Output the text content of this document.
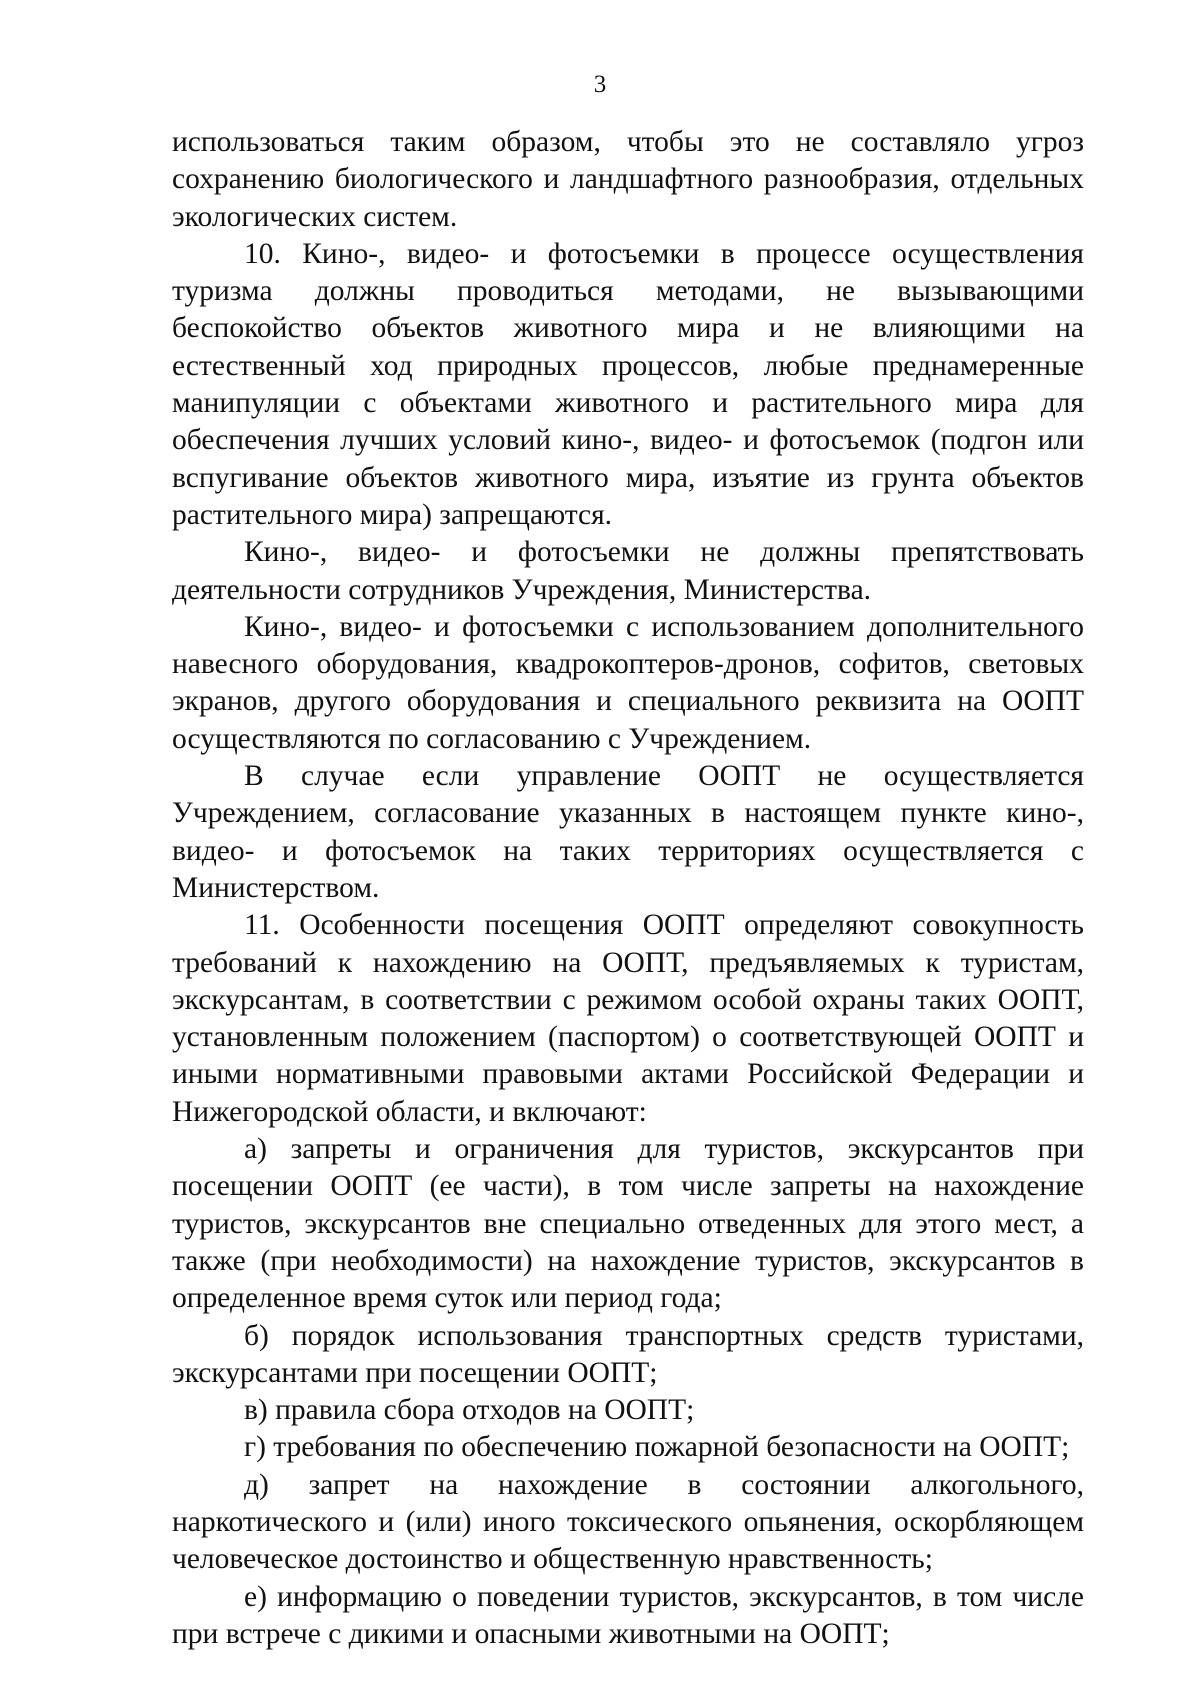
3

использоваться таким образом, чтобы это не составляло угроз сохранению биологического и ландшафтного разнообразия, отдельных экологических систем.

10. Кино-, видео- и фотосъемки в процессе осуществления туризма должны проводиться методами, не вызывающими беспокойство объектов животного мира и не влияющими на естественный ход природных процессов, любые преднамеренные манипуляции с объектами животного и растительного мира для обеспечения лучших условий кино-, видео- и фотосъемок (подгон или вспугивание объектов животного мира, изъятие из грунта объектов растительного мира) запрещаются.

Кино-, видео- и фотосъемки не должны препятствовать деятельности сотрудников Учреждения, Министерства.

Кино-, видео- и фотосъемки с использованием дополнительного навесного оборудования, квадрокоптеров-дронов, софитов, световых экранов, другого оборудования и специального реквизита на ООПТ осуществляются по согласованию с Учреждением.

В случае если управление ООПТ не осуществляется Учреждением, согласование указанных в настоящем пункте кино-, видео- и фотосъемок на таких территориях осуществляется с Министерством.

11. Особенности посещения ООПТ определяют совокупность требований к нахождению на ООПТ, предъявляемых к туристам, экскурсантам, в соответствии с режимом особой охраны таких ООПТ, установленным положением (паспортом) о соответствующей ООПТ и иными нормативными правовыми актами Российской Федерации и Нижегородской области, и включают:

а) запреты и ограничения для туристов, экскурсантов при посещении ООПТ (ее части), в том числе запреты на нахождение туристов, экскурсантов вне специально отведенных для этого мест, а также (при необходимости) на нахождение туристов, экскурсантов в определенное время суток или период года;

б) порядок использования транспортных средств туристами, экскурсантами при посещении ООПТ;

в) правила сбора отходов на ООПТ;

г) требования по обеспечению пожарной безопасности на ООПТ;

д) запрет на нахождение в состоянии алкогольного, наркотического и (или) иного токсического опьянения, оскорбляющем человеческое достоинство и общественную нравственность;

е) информацию о поведении туристов, экскурсантов, в том числе при встрече с дикими и опасными животными на ООПТ;
